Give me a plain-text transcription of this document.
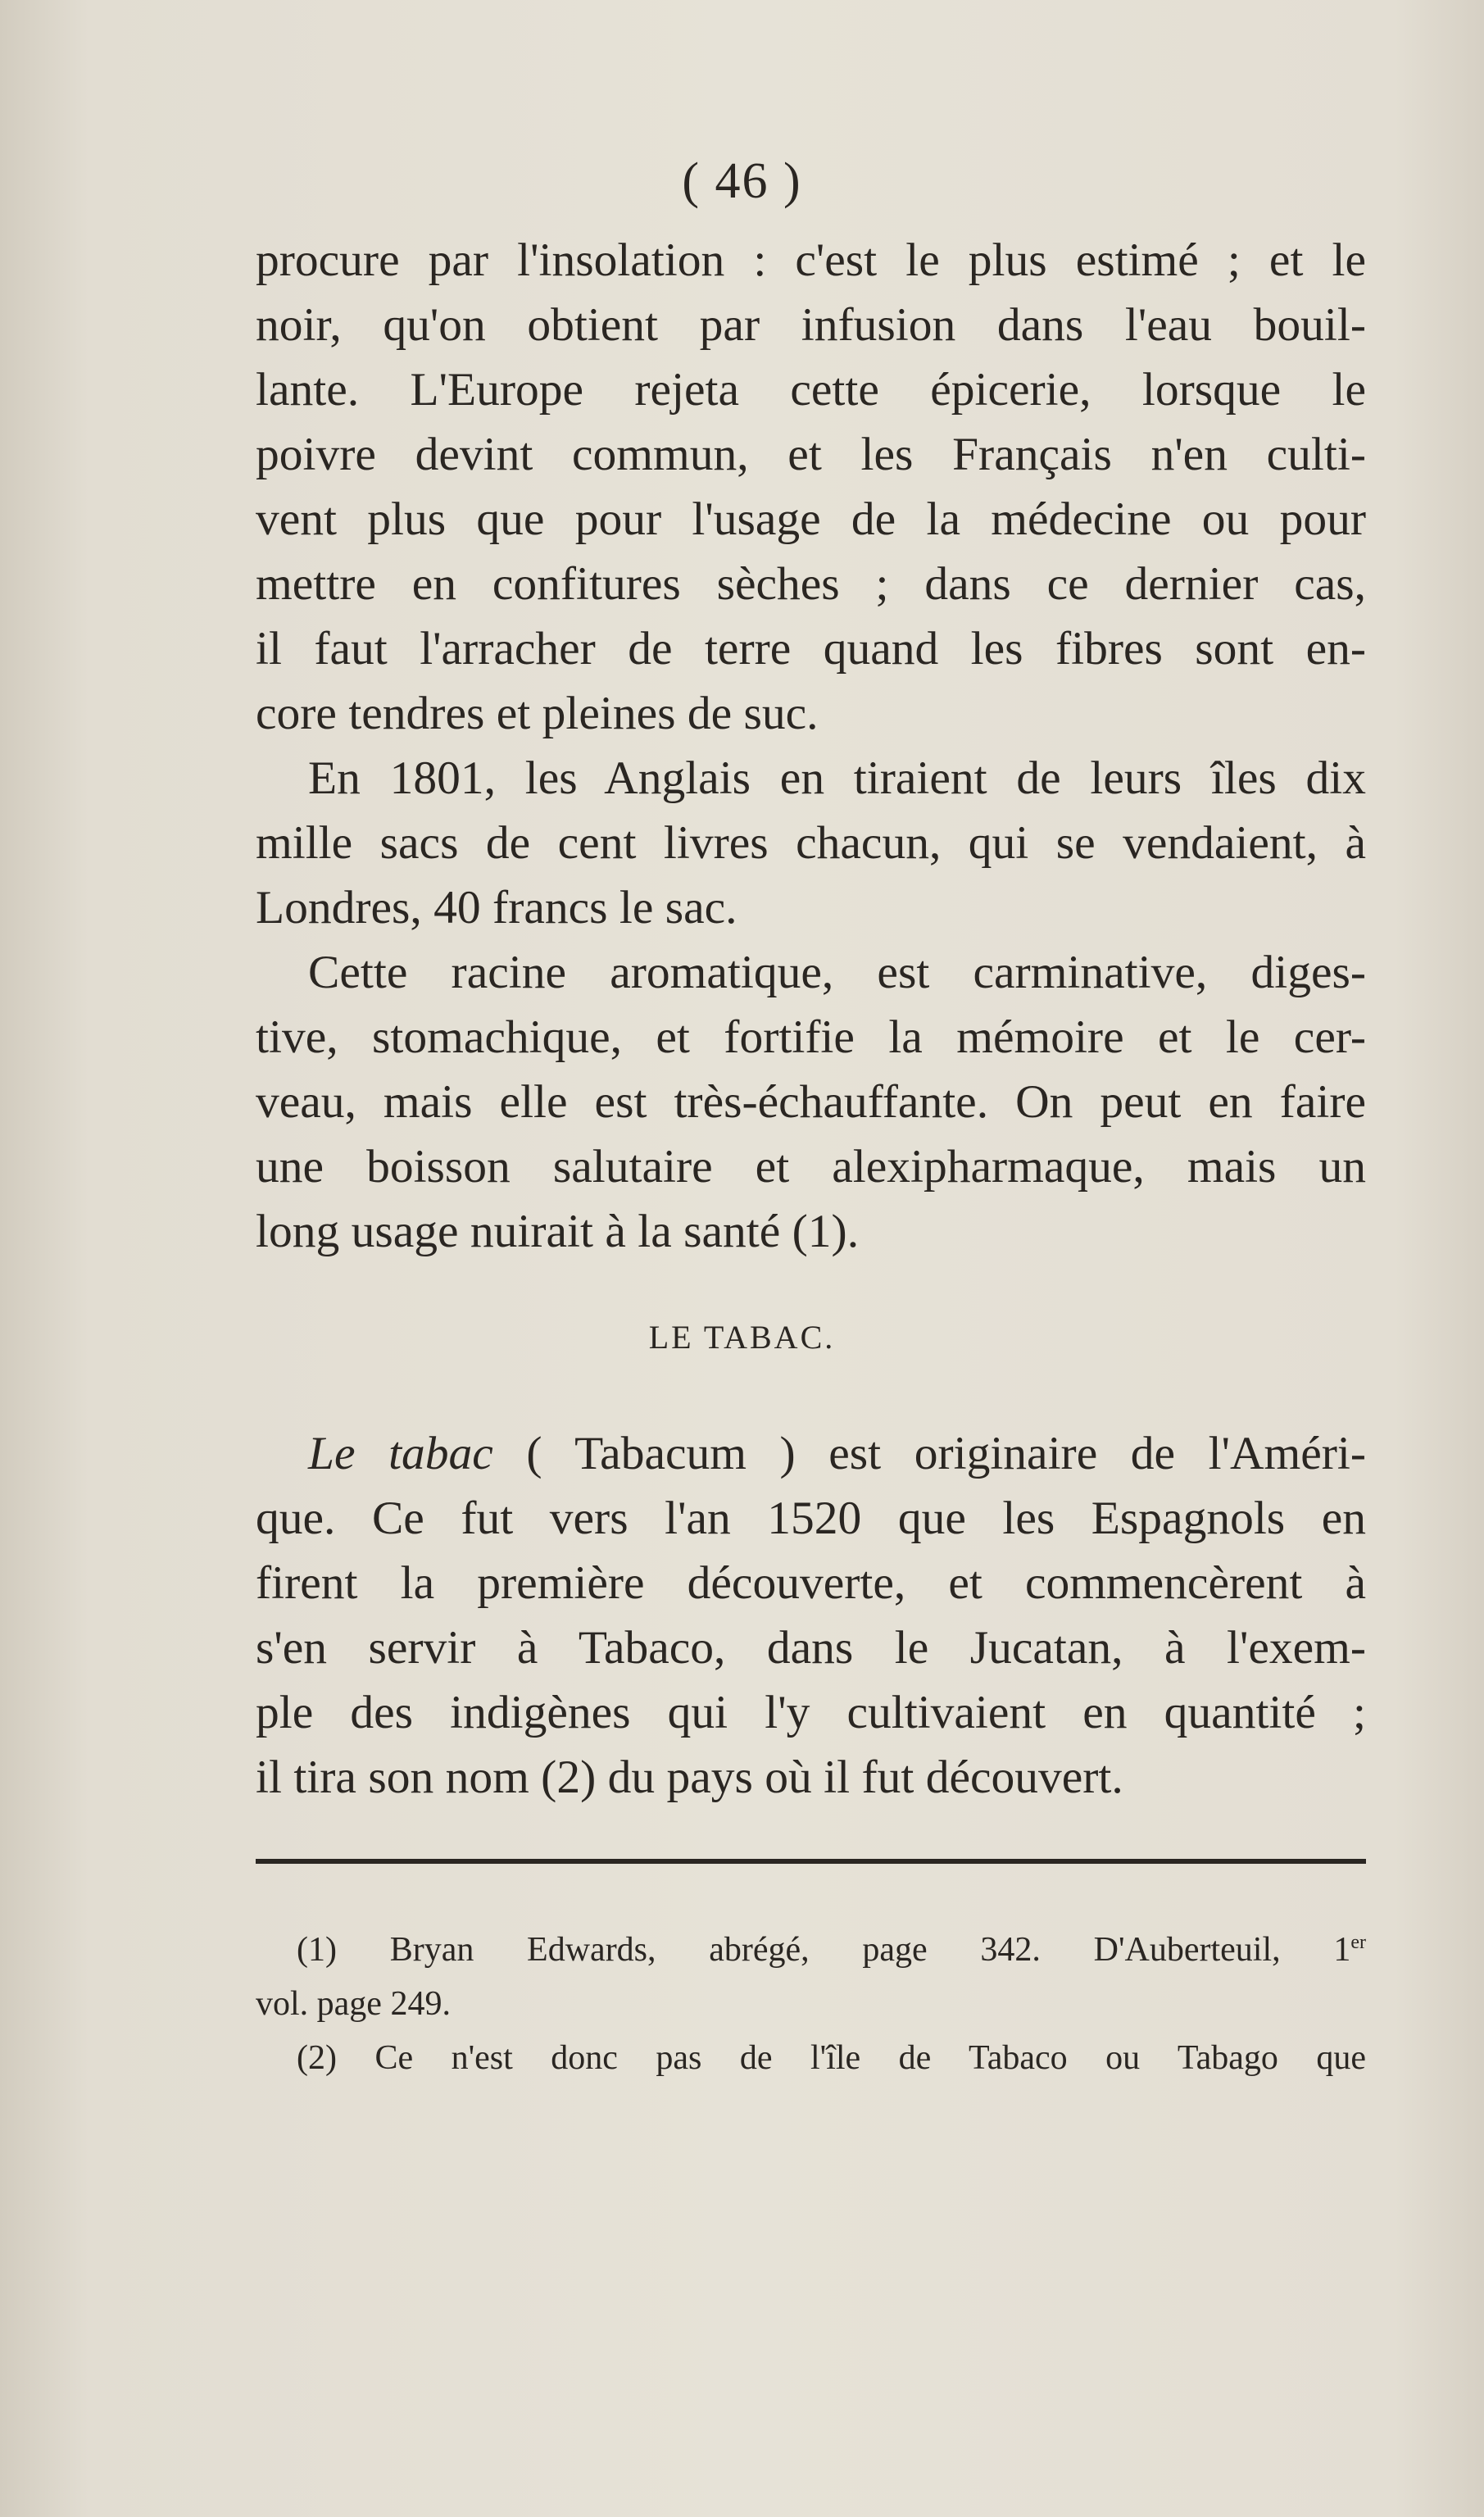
( 46 )
procure par l'insolation : c'est le plus estimé ; et le
noir, qu'on obtient par infusion dans l'eau bouil-
lante. L'Europe rejeta cette épicerie, lorsque le
poivre devint commun, et les Français n'en culti-
vent plus que pour l'usage de la médecine ou pour
mettre en confitures sèches ; dans ce dernier cas,
il faut l'arracher de terre quand les fibres sont en-
core tendres et pleines de suc.
En 1801, les Anglais en tiraient de leurs îles dix
mille sacs de cent livres chacun, qui se vendaient, à
Londres, 40 francs le sac.
Cette racine aromatique, est carminative, diges-
tive, stomachique, et fortifie la mémoire et le cer-
veau, mais elle est très-échauffante. On peut en faire
une boisson salutaire et alexipharmaque, mais un
long usage nuirait à la santé (1).
LE TABAC.
Le tabac ( Tabacum ) est originaire de l'Améri-
que. Ce fut vers l'an 1520 que les Espagnols en
firent la première découverte, et commencèrent à
s'en servir à Tabaco, dans le Jucatan, à l'exem-
ple des indigènes qui l'y cultivaient en quantité ;
il tira son nom (2) du pays où il fut découvert.
(1) Bryan Edwards, abrégé, page 342. D'Auberteuil, 1er
vol. page 249.
(2) Ce n'est donc pas de l'île de Tabaco ou Tabago que
